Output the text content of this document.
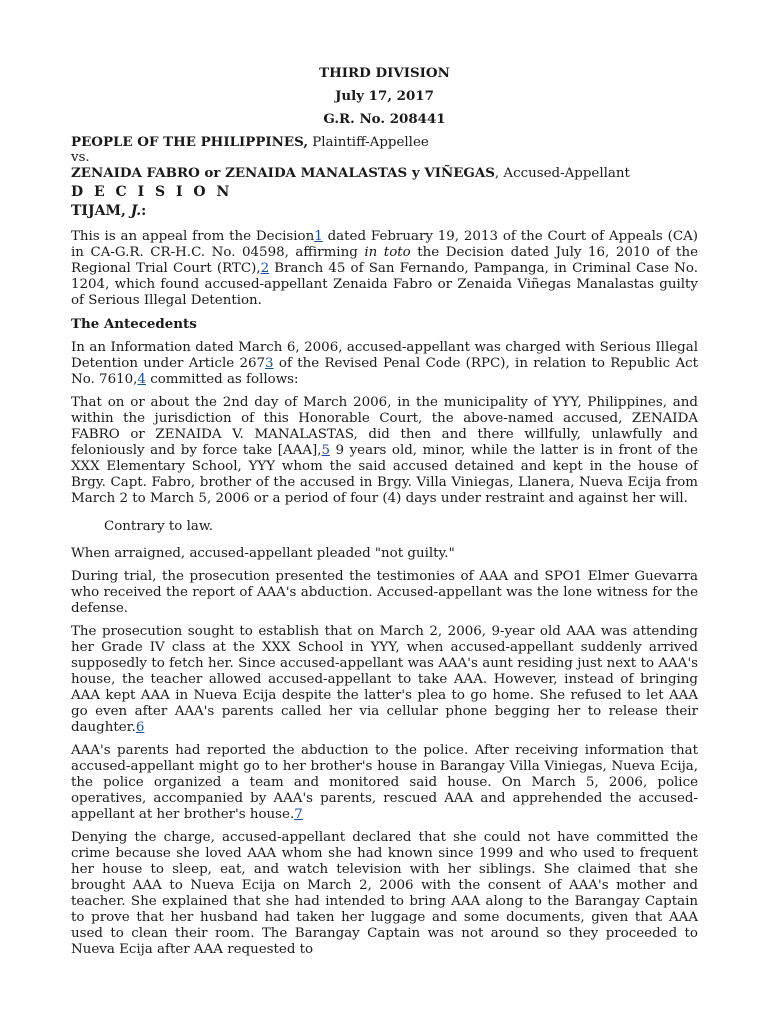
THIRD DIVISION
July 17, 2017
G.R. No. 208441
PEOPLE OF THE PHILIPPINES, Plaintiff-Appellee
vs.
ZENAIDA FABRO or ZENAIDA MANALASTAS y VIÑEGAS, Accused-Appellant
D E C I S I O N
TIJAM, J.:

This is an appeal from the Decision1 dated February 19, 2013 of the Court of Appeals (CA) in CA-G.R. CR-H.C. No. 04598, affirming in toto the Decision dated July 16, 2010 of the Regional Trial Court (RTC),2 Branch 45 of San Fernando, Pampanga, in Criminal Case No. 1204, which found accused-appellant Zenaida Fabro or Zenaida Viñegas Manalastas guilty of Serious Illegal Detention.

The Antecedents

In an Information dated March 6, 2006, accused-appellant was charged with Serious Illegal Detention under Article 2673 of the Revised Penal Code (RPC), in relation to Republic Act No. 7610,4 committed as follows:

That on or about the 2nd day of March 2006, in the municipality of YYY, Philippines, and within the jurisdiction of this Honorable Court, the above-named accused, ZENAIDA FABRO or ZENAIDA V. MANALASTAS, did then and there willfully, unlawfully and feloniously and by force take [AAA],5 9 years old, minor, while the latter is in front of the XXX Elementary School, YYY whom the said accused detained and kept in the house of Brgy. Capt. Fabro, brother of the accused in Brgy. Villa Viniegas, Llanera, Nueva Ecija from March 2 to March 5, 2006 or a period of four (4) days under restraint and against her will.

Contrary to law.

When arraigned, accused-appellant pleaded "not guilty."

During trial, the prosecution presented the testimonies of AAA and SPO1 Elmer Guevarra who received the report of AAA's abduction. Accused-appellant was the lone witness for the defense.

The prosecution sought to establish that on March 2, 2006, 9-year old AAA was attending her Grade IV class at the XXX School in YYY, when accused-appellant suddenly arrived supposedly to fetch her. Since accused-appellant was AAA's aunt residing just next to AAA's house, the teacher allowed accused-appellant to take AAA. However, instead of bringing AAA kept AAA in Nueva Ecija despite the latter's plea to go home. She refused to let AAA go even after AAA's parents called her via cellular phone begging her to release their daughter.6

AAA's parents had reported the abduction to the police. After receiving information that accused-appellant might go to her brother's house in Barangay Villa Viniegas, Nueva Ecija, the police organized a team and monitored said house. On March 5, 2006, police operatives, accompanied by AAA's parents, rescued AAA and apprehended the accused-appellant at her brother's house.7

Denying the charge, accused-appellant declared that she could not have committed the crime because she loved AAA whom she had known since 1999 and who used to frequent her house to sleep, eat, and watch television with her siblings. She claimed that she brought AAA to Nueva Ecija on March 2, 2006 with the consent of AAA's mother and teacher. She explained that she had intended to bring AAA along to the Barangay Captain to prove that her husband had taken her luggage and some documents, given that AAA used to clean their room. The Barangay Captain was not around so they proceeded to Nueva Ecija after AAA requested to
